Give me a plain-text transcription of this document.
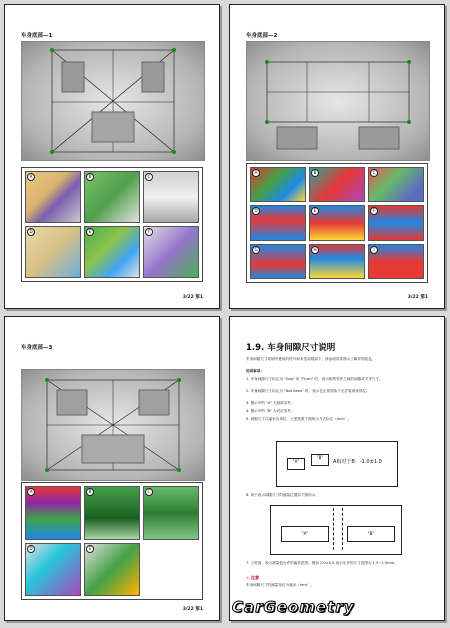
车身底部—1
A	B	C
D	E	F
3/22 第1
车身底部—2
A	B	C
D	E	F
G	H	I
3/22 第1
车身底部—3
A	B	C
D	E
3/22 第1
1.9. 车身间隙尺寸说明
车身间隙尺寸说明中使用的符号和术语说明如下，请参阅具体图示了解详细信息。
说明事项：
1. 车身间隙尺寸标注为 "Gap" 或 "Flush" 时，表示相邻零件之间的间隙或平齐尺寸。
2. 车身间隙尺寸标注为 "Not Seen" 时，表示在正常视角下无法看到该部位。
3. 图示中的 "A" 为基准零件。
4. 图示中的 "B" 为对应零件。
5. 间隙尺寸以毫米为单位，公差按照下图所示方式标注（mm）。
"A"
"B"
A相对于B：-1.0±1.0
6. 用于表示间隙尺寸的测量位置如下图所示。
"A"	"B"
7. 公差值：表示测量值允许的偏差范围，例如 2.0±0.5 表示允许的尺寸范围为 1.5~2.5mm。
⚠ 注意
车身间隙尺寸的测量单位为毫米（mm）。
CarGeometry
